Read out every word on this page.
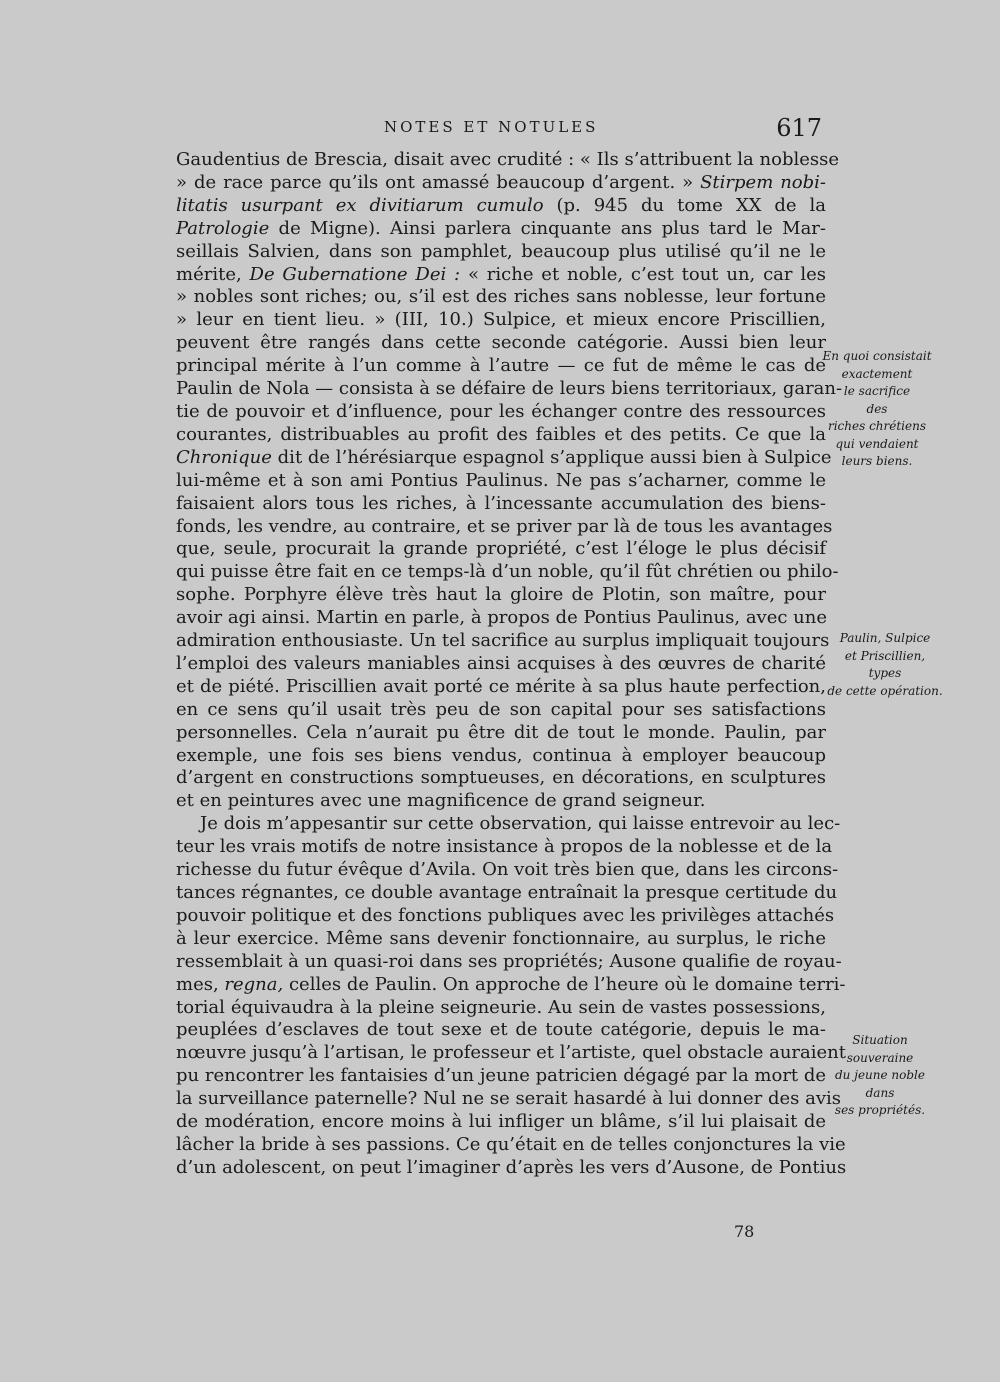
NOTES ET NOTULES	617
Gaudentius de Brescia, disait avec crudité : « Ils s’attribuent la noblesse
» de race parce qu’ils ont amassé beaucoup d’argent. » Stirpem nobi-
litatis usurpant ex divitiarum cumulo (p. 945 du tome XX de la
Patrologie de Migne). Ainsi parlera cinquante ans plus tard le Mar-
seillais Salvien, dans son pamphlet, beaucoup plus utilisé qu’il ne le
mérite, De Gubernatione Dei : « riche et noble, c’est tout un, car les
» nobles sont riches; ou, s’il est des riches sans noblesse, leur fortune
» leur en tient lieu. » (III, 10.) Sulpice, et mieux encore Priscillien,
peuvent être rangés dans cette seconde catégorie. Aussi bien leur
principal mérite à l’un comme à l’autre — ce fut de même le cas de
Paulin de Nola — consista à se défaire de leurs biens territoriaux, garan-
tie de pouvoir et d’influence, pour les échanger contre des ressources
courantes, distribuables au profit des faibles et des petits. Ce que la
Chronique dit de l’hérésiarque espagnol s’applique aussi bien à Sulpice
lui-même et à son ami Pontius Paulinus. Ne pas s’acharner, comme le
faisaient alors tous les riches, à l’incessante accumulation des biens-
fonds, les vendre, au contraire, et se priver par là de tous les avantages
que, seule, procurait la grande propriété, c’est l’éloge le plus décisif
qui puisse être fait en ce temps-là d’un noble, qu’il fût chrétien ou philo-
sophe. Porphyre élève très haut la gloire de Plotin, son maître, pour
avoir agi ainsi. Martin en parle, à propos de Pontius Paulinus, avec une
admiration enthousiaste. Un tel sacrifice au surplus impliquait toujours
l’emploi des valeurs maniables ainsi acquises à des œuvres de charité
et de piété. Priscillien avait porté ce mérite à sa plus haute perfection,
en ce sens qu’il usait très peu de son capital pour ses satisfactions
personnelles. Cela n’aurait pu être dit de tout le monde. Paulin, par
exemple, une fois ses biens vendus, continua à employer beaucoup
d’argent en constructions somptueuses, en décorations, en sculptures
et en peintures avec une magnificence de grand seigneur.
Je dois m’appesantir sur cette observation, qui laisse entrevoir au lec-
teur les vrais motifs de notre insistance à propos de la noblesse et de la
richesse du futur évêque d’Avila. On voit très bien que, dans les circons-
tances régnantes, ce double avantage entraînait la presque certitude du
pouvoir politique et des fonctions publiques avec les privilèges attachés
à leur exercice. Même sans devenir fonctionnaire, au surplus, le riche
ressemblait à un quasi-roi dans ses propriétés; Ausone qualifie de royau-
mes, regna, celles de Paulin. On approche de l’heure où le domaine terri-
torial équivaudra à la pleine seigneurie. Au sein de vastes possessions,
peuplées d’esclaves de tout sexe et de toute catégorie, depuis le ma-
nœuvre jusqu’à l’artisan, le professeur et l’artiste, quel obstacle auraient
pu rencontrer les fantaisies d’un jeune patricien dégagé par la mort de
la surveillance paternelle? Nul ne se serait hasardé à lui donner des avis
de modération, encore moins à lui infliger un blâme, s’il lui plaisait de
lâcher la bride à ses passions. Ce qu’était en de telles conjonctures la vie
d’un adolescent, on peut l’imaginer d’après les vers d’Ausone, de Pontius
En quoi consistait
exactement
le sacrifice
des
riches chrétiens
qui vendaient
leurs biens.
Paulin, Sulpice
et Priscillien,
types
de cette opération.
Situation
souveraine
du jeune noble
dans
ses propriétés.
78
